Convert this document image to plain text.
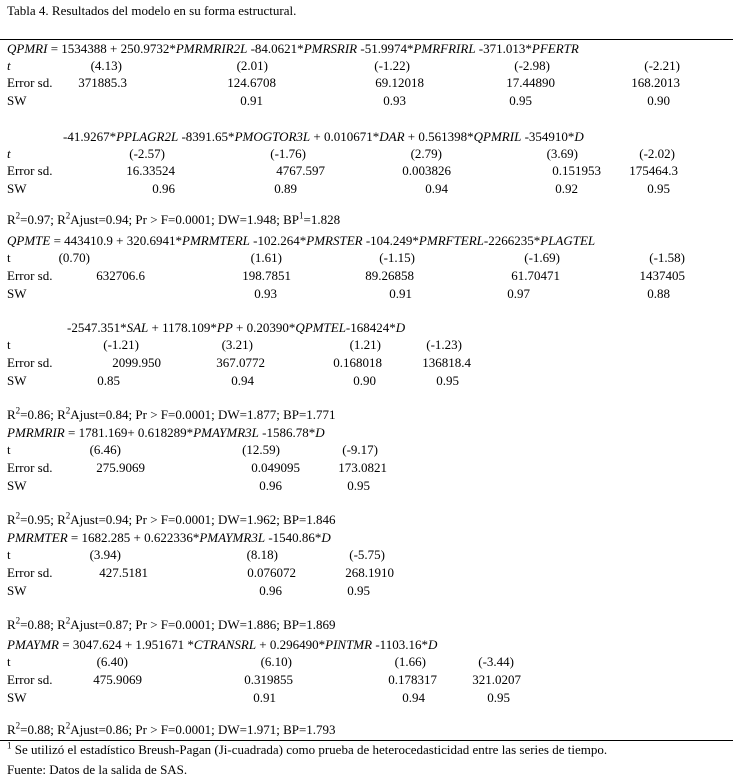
Tabla 4. Resultados del modelo en su forma estructural.
QPMRI = 1534388 + 250.9732*PMRMRIR2L -84.0621*PMRSRIR -51.9974*PMRFRIRL -371.013*PFERTR
t	(4.13)	(2.01)	(-1.22)	(-2.98)	(-2.21)
Error sd. 371885.3	124.6708	69.12018	17.44890	168.2013
SW	0.91	0.93	0.95	0.90
-41.9267*PPLAGR2L -8391.65*PMOGTOR3L + 0.010671*DAR + 0.561398*QPMRIL -354910*D
t	(-2.57)	(-1.76)	(2.79)	(3.69)	(-2.02)
Error sd.	16.33524	4767.597	0.003826	0.151953 175464.3
SW	0.96	0.89	0.94	0.92	0.95
$R^2=0.97$; $R^2Ajust=0.94$; Pr > F=0.0001; DW=1.948; $BP^1=1.828$
QPMTE = 443410.9 + 320.6941*PMRMTERL -102.264*PMRSTER -104.249*PMRFTERL-2266235*PLAGTEL
t	(0.70)	(1.61)	(-1.15)	(-1.69)	(-1.58)
Error sd.	632706.6	198.7851	89.26858	61.70471	1437405
SW	0.93	0.91	0.97	0.88
-2547.351*SAL + 1178.109*PP + 0.20390*QPMTEL-168424*D
t	(-1.21)	(3.21)	(1.21)	(-1.23)
Error sd.	2099.950	367.0772	0.168018	136818.4
SW	0.85	0.94	0.90	0.95
$R^2=0.86$; $R^2Ajust=0.84$; Pr > F=0.0001; DW=1.877; BP=1.771
PMRMRIR = 1781.169+ 0.618289*PMAYMR3L -1586.78*D
t	(6.46)	(12.59)	(-9.17)
Error sd.	275.9069	0.049095	173.0821
SW	0.96	0.95
$R^2=0.95$; $R^2Ajust=0.94$; Pr > F=0.0001; DW=1.962; BP=1.846
PMRMTER = 1682.285 + 0.622336*PMAYMR3L -1540.86*D
t	(3.94)	(8.18)	(-5.75)
Error sd.	427.5181	0.076072	268.1910
SW	0.96	0.95
$R^2=0.88$; $R^2Ajust=0.87$; Pr > F=0.0001; DW=1.886; BP=1.869
PMAYMR = 3047.624 + 1.951671 *CTRANSRL + 0.296490*PINTMR -1103.16*D
t	(6.40)	(6.10)	(1.66)	(-3.44)
Error sd.	475.9069	0.319855	0.178317	321.0207
SW	0.91	0.94	0.95
$R^2=0.88$; $R^2Ajust=0.86$; Pr > F=0.0001; DW=1.971; BP=1.793
$^1$ Se utilizó el estadístico Breush-Pagan (Ji-cuadrada) como prueba de heterocedasticidad entre las series de tiempo.
Fuente: Datos de la salida de SAS.
